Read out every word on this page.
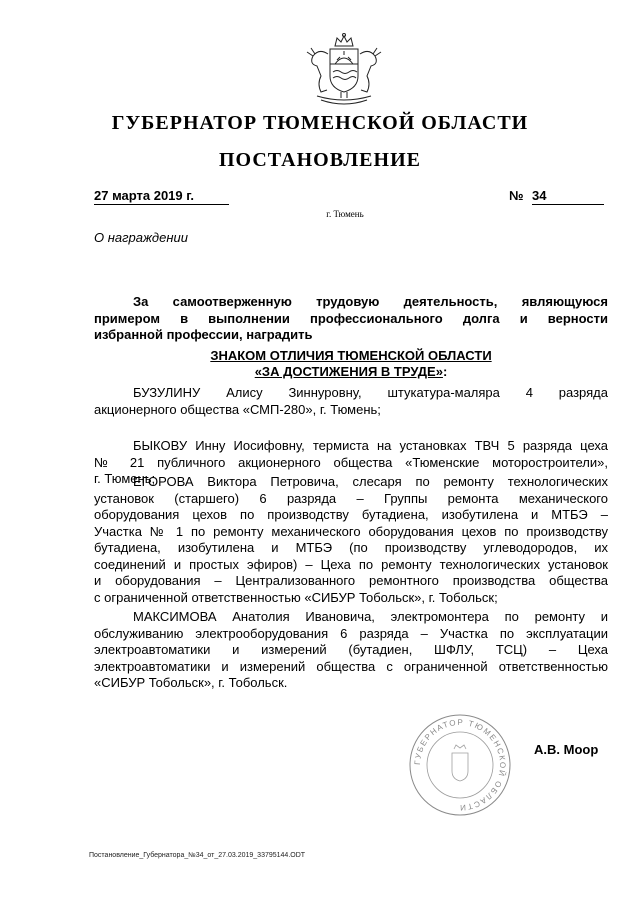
ГУБЕРНАТОР ТЮМЕНСКОЙ ОБЛАСТИ
ПОСТАНОВЛЕНИЕ
27 марта 2019 г.	№ 34
г. Тюмень
О награждении
За самоотверженную трудовую деятельность, являющуюся
примером в выполнении профессионального долга и верности
избранной профессии, наградить
ЗНАКОМ ОТЛИЧИЯ ТЮМЕНСКОЙ ОБЛАСТИ
«ЗА ДОСТИЖЕНИЯ В ТРУДЕ»:
БУЗУЛИНУ Алису Зиннуровну, штукатура-маляра 4 разряда
акционерного общества «СМП-280», г. Тюмень;
БЫКОВУ Инну Иосифовну, термиста на установках ТВЧ 5 разряда цеха
№ 21 публичного акционерного общества «Тюменские моторостроители»,
г. Тюмень;
ЕГОРОВА Виктора Петровича, слесаря по ремонту технологических
установок (старшего) 6 разряда – Группы ремонта механического
оборудования цехов по производству бутадиена, изобутилена и МТБЭ –
Участка № 1 по ремонту механического оборудования цехов по производству
бутадиена, изобутилена и МТБЭ (по производству углеводородов, их
соединений и простых эфиров) – Цеха по ремонту технологических установок
и оборудования – Централизованного ремонтного производства общества
с ограниченной ответственностью «СИБУР Тобольск», г. Тобольск;
МАКСИМОВА Анатолия Ивановича, электромонтера по ремонту и
обслуживанию электрооборудования 6 разряда – Участка по эксплуатации
электроавтоматики и измерений (бутадиен, ШФЛУ, ТСЦ) – Цеха
электроавтоматики и измерений общества с ограниченной ответственностью
«СИБУР Тобольск», г. Тобольск.
ГУБЕРНАТОР ТЮМЕНСКОЙ ОБЛАСТИ
А.В. Моор
Постановление_Губернатора_№34_от_27.03.2019_33795144.ODT
